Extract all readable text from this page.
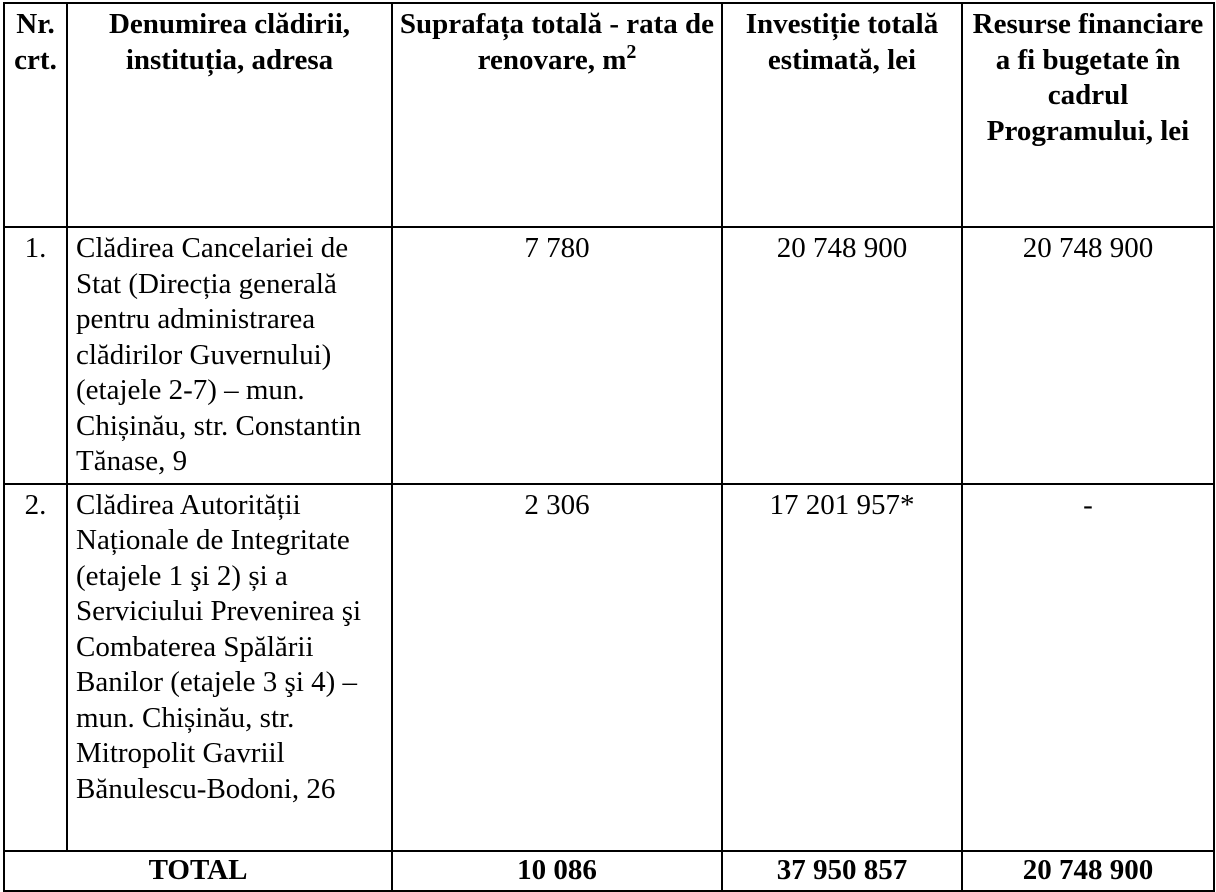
Nr. crt.	Denumirea clădirii, instituția, adresa	Suprafața totală - rata de renovare, $m^2$	Investiție totală estimată, lei	Resurse financiare a fi bugetate în cadrul Programului, lei
1.	Clădirea Cancelariei de Stat (Direcția generală pentru administrarea clădirilor Guvernului) (etajele 2-7) – mun. Chișinău, str. Constantin Tănase, 9	7 780	20 748 900	20 748 900
2.	Clădirea Autorității Naționale de Integritate (etajele 1 şi 2) și a Serviciului Prevenirea şi Combaterea Spălării Banilor (etajele 3 şi 4) – mun. Chișinău, str. Mitropolit Gavriil Bănulescu-Bodoni, 26	2 306	17 201 957*	-
TOTAL		10 086	37 950 857	20 748 900
